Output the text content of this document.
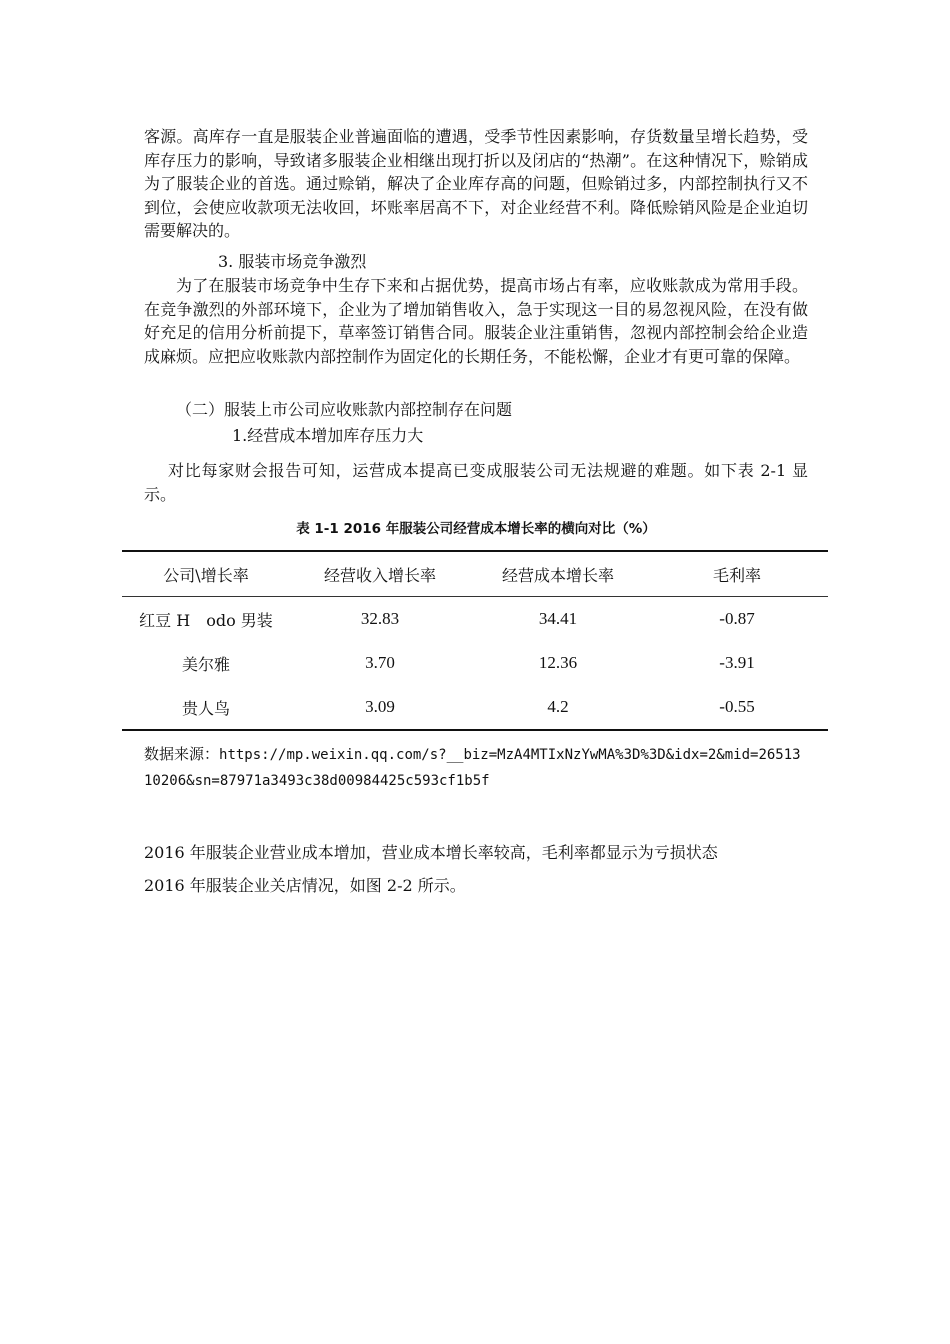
客源。高库存一直是服装企业普遍面临的遭遇，受季节性因素影响，存货数量呈增长趋势，受库存压力的影响，导致诸多服装企业相继出现打折以及闭店的“热潮”。在这种情况下，赊销成为了服装企业的首选。通过赊销，解决了企业库存高的问题，但赊销过多，内部控制执行又不到位，会使应收款项无法收回，坏账率居高不下，对企业经营不利。降低赊销风险是企业迫切需要解决的。

3. 服装市场竞争激烈

为了在服装市场竞争中生存下来和占据优势，提高市场占有率，应收账款成为常用手段。在竞争激烈的外部环境下，企业为了增加销售收入，急于实现这一目的易忽视风险，在没有做好充足的信用分析前提下，草率签订销售合同。服装企业注重销售，忽视内部控制会给企业造成麻烦。应把应收账款内部控制作为固定化的长期任务，不能松懈，企业才有更可靠的保障。

（二）服装上市公司应收账款内部控制存在问题

1.经营成本增加库存压力大

对比每家财会报告可知，运营成本提高已变成服装公司无法规避的难题。如下表 2-1 显示。

表 1-1 2016 年服装公司经营成本增长率的横向对比（%）
公司\增长率	经营收入增长率	经营成本增长率	毛利率
红豆 H　odo 男装	32.83	34.41	-0.87
美尔雅	3.70	12.36	-3.91
贵人鸟	3.09	4.2	-0.55
数据来源：https://mp.weixin.qq.com/s?__biz=MzA4MTIxNzYwMA%3D%3D&idx=2&mid=2651310206&sn=87971a3493c38d00984425c593cf1b5f
2016 年服装企业营业成本增加，营业成本增长率较高，毛利率都显示为亏损状态
2016 年服装企业关店情况，如图 2-2 所示。
